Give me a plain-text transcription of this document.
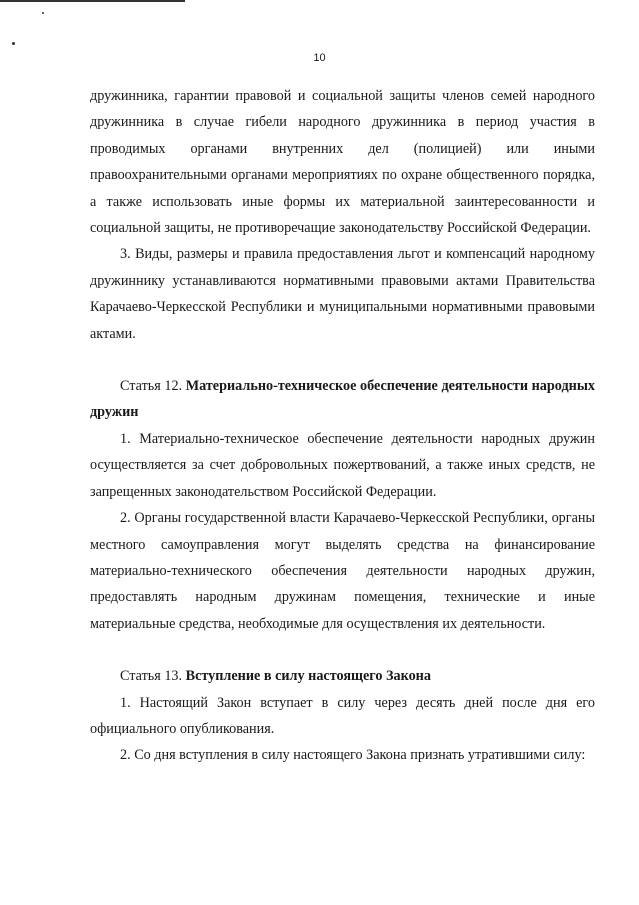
10

дружинника, гарантии правовой и социальной защиты членов семей народного дружинника в случае гибели народного дружинника в период участия в проводимых органами внутренних дел (полицией) или иными правоохранительными органами мероприятиях по охране общественного порядка, а также использовать иные формы их материальной заинтересованности и социальной защиты, не противоречащие законодательству Российской Федерации.

3. Виды, размеры и правила предоставления льгот и компенсаций народному дружиннику устанавливаются нормативными правовыми актами Правительства Карачаево-Черкесской Республики и муниципальными нормативными правовыми актами.

Статья 12. Материально-техническое обеспечение деятельности народных дружин

1. Материально-техническое обеспечение деятельности народных дружин осуществляется за счет добровольных пожертвований, а также иных средств, не запрещенных законодательством Российской Федерации.

2. Органы государственной власти Карачаево-Черкесской Республики, органы местного самоуправления могут выделять средства на финансирование материально-технического обеспечения деятельности народных дружин, предоставлять народным дружинам помещения, технические и иные материальные средства, необходимые для осуществления их деятельности.

Статья 13. Вступление в силу настоящего Закона

1. Настоящий Закон вступает в силу через десять дней после дня его официального опубликования.

2. Со дня вступления в силу настоящего Закона признать утратившими силу:
